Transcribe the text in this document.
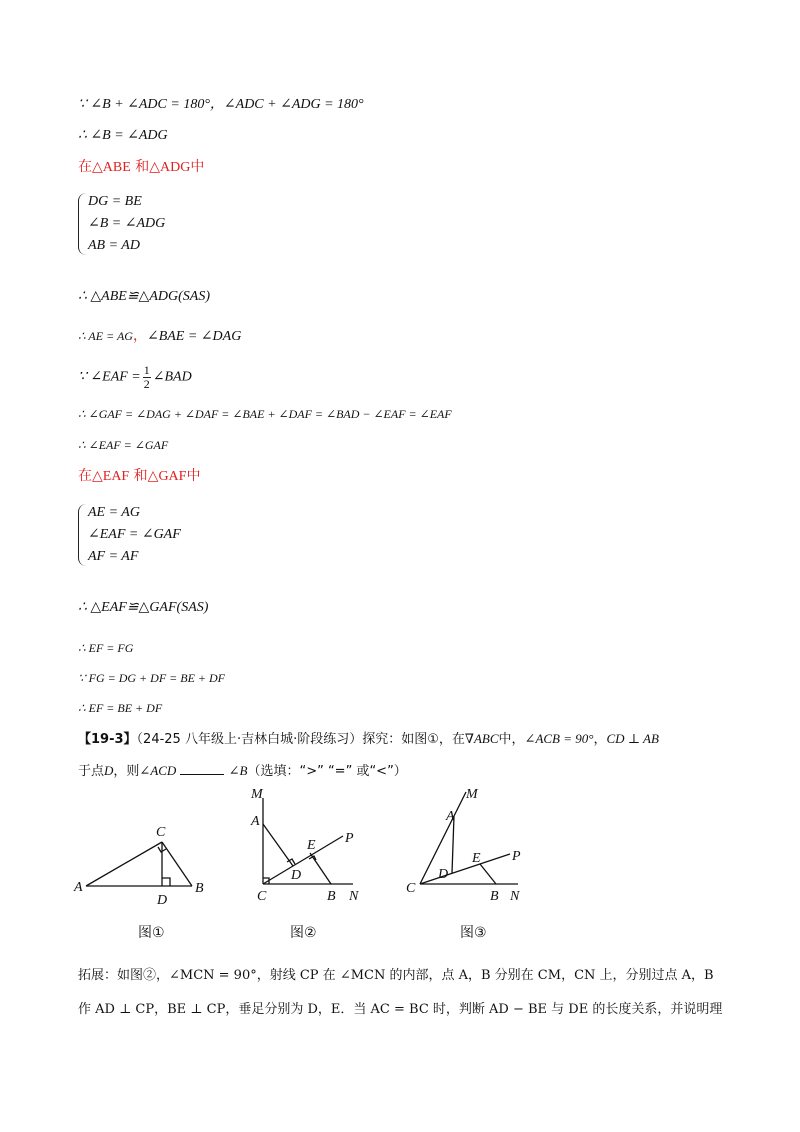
∵ ∠B + ∠ADC = 180°，∠ADC + ∠ADG = 180°
∴ ∠B = ∠ADG
在△ABE 和△ADG中
DG = BE
∠B = ∠ADG
AB = AD
∴ △ABE≌△ADG(SAS)
∴ AE = AG，∠BAE = ∠DAG
∵ ∠EAF = $\frac{1}{2}$ ∠BAD
∴ ∠GAF = ∠DAG + ∠DAF = ∠BAE + ∠DAF = ∠BAD − ∠EAF = ∠EAF
∴ ∠EAF = ∠GAF
在△EAF 和△GAF中
AE = AG
∠EAF = ∠GAF
AF = AF
∴ △EAF≌△GAF(SAS)
∴ EF = FG
∵ FG = DG + DF = BE + DF
∴ EF = BE + DF
【19-3】（24-25 八年级上·吉林白城·阶段练习）探究：如图①，在∇ABC中，∠ACB = 90°，CD ⊥ AB
于点D，则∠ACD	∠B（选填：“>” “=” 或“<”）
A	B
C
D
图①
M
A
E P
D
C	B N
图②
M
A
E P
D
C
B N
图③
拓展：如图②，∠MCN = 90°，射线 CP 在 ∠MCN 的内部，点 A，B 分别在 CM，CN 上，分别过点 A，B
作 AD ⊥ CP，BE ⊥ CP，垂足分别为 D，E．当 AC = BC 时，判断 AD − BE 与 DE 的长度关系，并说明理
